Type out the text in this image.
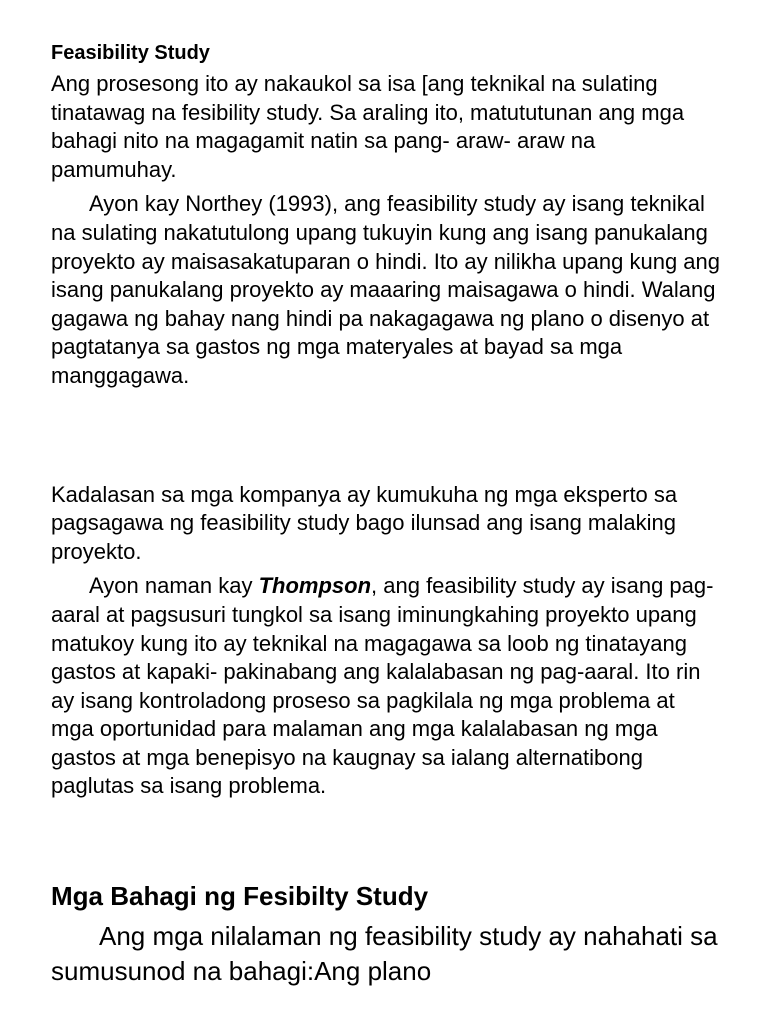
Feasibility Study

Ang prosesong ito ay nakaukol sa isa [ang teknikal na sulating tinatawag na fesibility study. Sa araling ito, matututunan ang mga bahagi nito na magagamit natin sa pang- araw- araw na pamumuhay.

Ayon kay Northey (1993), ang feasibility study ay isang teknikal na sulating nakatutulong upang tukuyin kung ang isang panukalang proyekto ay maisasakatuparan o hindi. Ito ay nilikha upang kung ang isang panukalang proyekto ay maaaring maisagawa o hindi. Walang gagawa ng bahay nang hindi pa nakagagawa ng plano o disenyo at pagtatanya sa gastos ng mga materyales at bayad sa mga manggagawa.

Kadalasan sa mga kompanya ay kumukuha ng mga eksperto sa pagsagawa ng feasibility study bago ilunsad ang isang malaking proyekto.

Ayon naman kay Thompson, ang feasibility study ay isang pag- aaral at pagsusuri tungkol sa isang iminungkahing proyekto upang matukoy kung ito ay teknikal na magagawa sa loob ng tinatayang gastos at kapaki- pakinabang ang kalalabasan ng pag-aaral. Ito rin ay isang kontroladong proseso sa pagkilala ng mga problema at mga oportunidad para malaman ang mga kalalabasan ng mga gastos at mga benepisyo na kaugnay sa ialang alternatibong paglutas sa isang problema.

Mga Bahagi ng Fesibilty Study

Ang mga nilalaman ng feasibility study ay nahahati sa sumusunod na bahagi:Ang plano
